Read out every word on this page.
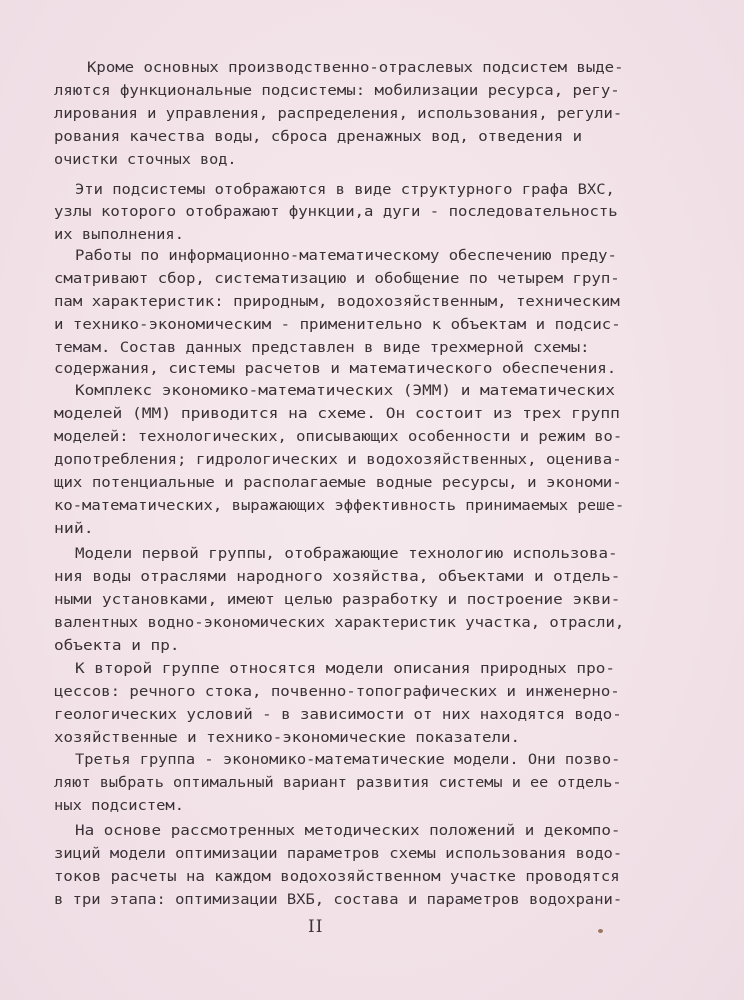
Кроме основных производственно-отраслевых подсистем выде-
ляются функциональные подсистемы: мобилизации ресурса, регу-
лирования и управления, распределения, использования, регули-
рования качества воды, сброса дренажных вод, отведения и
очистки сточных вод.
Эти подсистемы отображаются в виде структурного графа ВХС,
узлы которого отображают функции,а дуги - последовательность
их выполнения.
Работы по информационно-математическому обеспечению преду-
сматривают сбор, систематизацию и обобщение по четырем груп-
пам характеристик: природным, водохозяйственным, техническим
и технико-экономическим - применительно к объектам и подсис-
темам. Состав данных представлен в виде трехмерной схемы:
содержания, системы расчетов и математического обеспечения.
Комплекс экономико-математических (ЭММ) и математических
моделей (ММ) приводится на схеме. Он состоит из трех групп
моделей: технологических, описывающих особенности и режим во-
допотребления; гидрологических и водохозяйственных, оценива-
щих потенциальные и располагаемые водные ресурсы, и экономи-
ко-математических, выражающих эффективность принимаемых реше-
ний.
Модели первой группы, отображающие технологию использова-
ния воды отраслями народного хозяйства, объектами и отдель-
ными установками, имеют целью разработку и построение экви-
валентных водно-экономических характеристик участка, отрасли,
объекта и пр.
К второй группе относятся модели описания природных про-
цессов: речного стока, почвенно-топографических и инженерно-
геологических условий - в зависимости от них находятся водо-
хозяйственные и технико-экономические показатели.
Третья группа - экономико-математические модели. Они позво-
ляют выбрать оптимальный вариант развития системы и ее отдель-
ных подсистем.
На основе рассмотренных методических положений и декомпо-
зиций модели оптимизации параметров схемы использования водо-
токов расчеты на каждом водохозяйственном участке проводятся
в три этапа: оптимизации ВХБ, состава и параметров водохрани-
II
